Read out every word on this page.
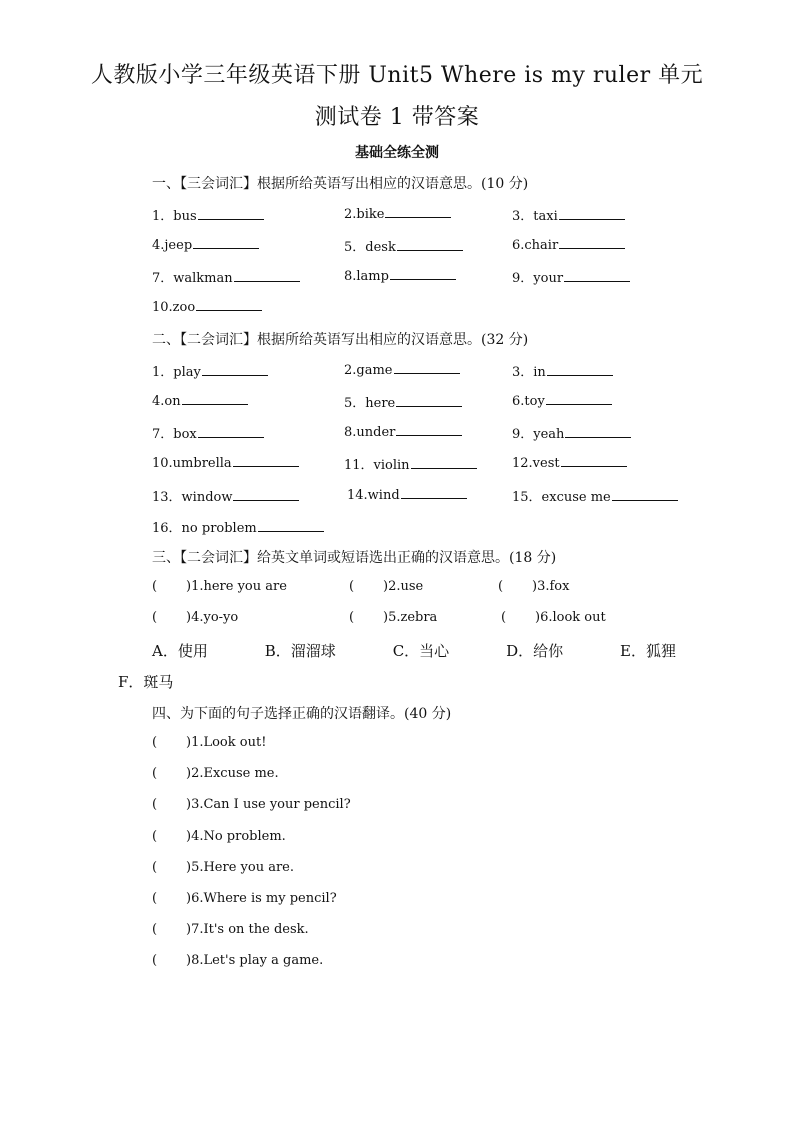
人教版小学三年级英语下册 Unit5 Where is my ruler 单元
测试卷 1 带答案
基础全练全测
一、【三会词汇】根据所给英语写出相应的汉语意思。(10 分)
1．bus	2.bike	3．taxi
4.jeep	5．desk	6.chair
7．walkman	8.lamp	9．your
10.zoo
二、【二会词汇】根据所给英语写出相应的汉语意思。(32 分)
1．play	2.game	3．in
4.on	5．here	6.toy
7．box	8.under	9．yeah
10.umbrella	11．violin	12.vest
13．window	14.wind	15．excuse me
16．no problem
三、【二会词汇】给英文单词或短语选出正确的汉语意思。(18 分)
( )1.here you are	( )2.use	( )3.fox
( )4.yo-yo	( )5.zebra	( )6.look out
A．使用	B．溜溜球	C．当心	D．给你	E．狐狸
F．斑马
四、为下面的句子选择正确的汉语翻译。(40 分)
( )1.Look out!
( )2.Excuse me.
( )3.Can I use your pencil?
( )4.No problem.
( )5.Here you are.
( )6.Where is my pencil?
( )7.It's on the desk.
( )8.Let's play a game.
